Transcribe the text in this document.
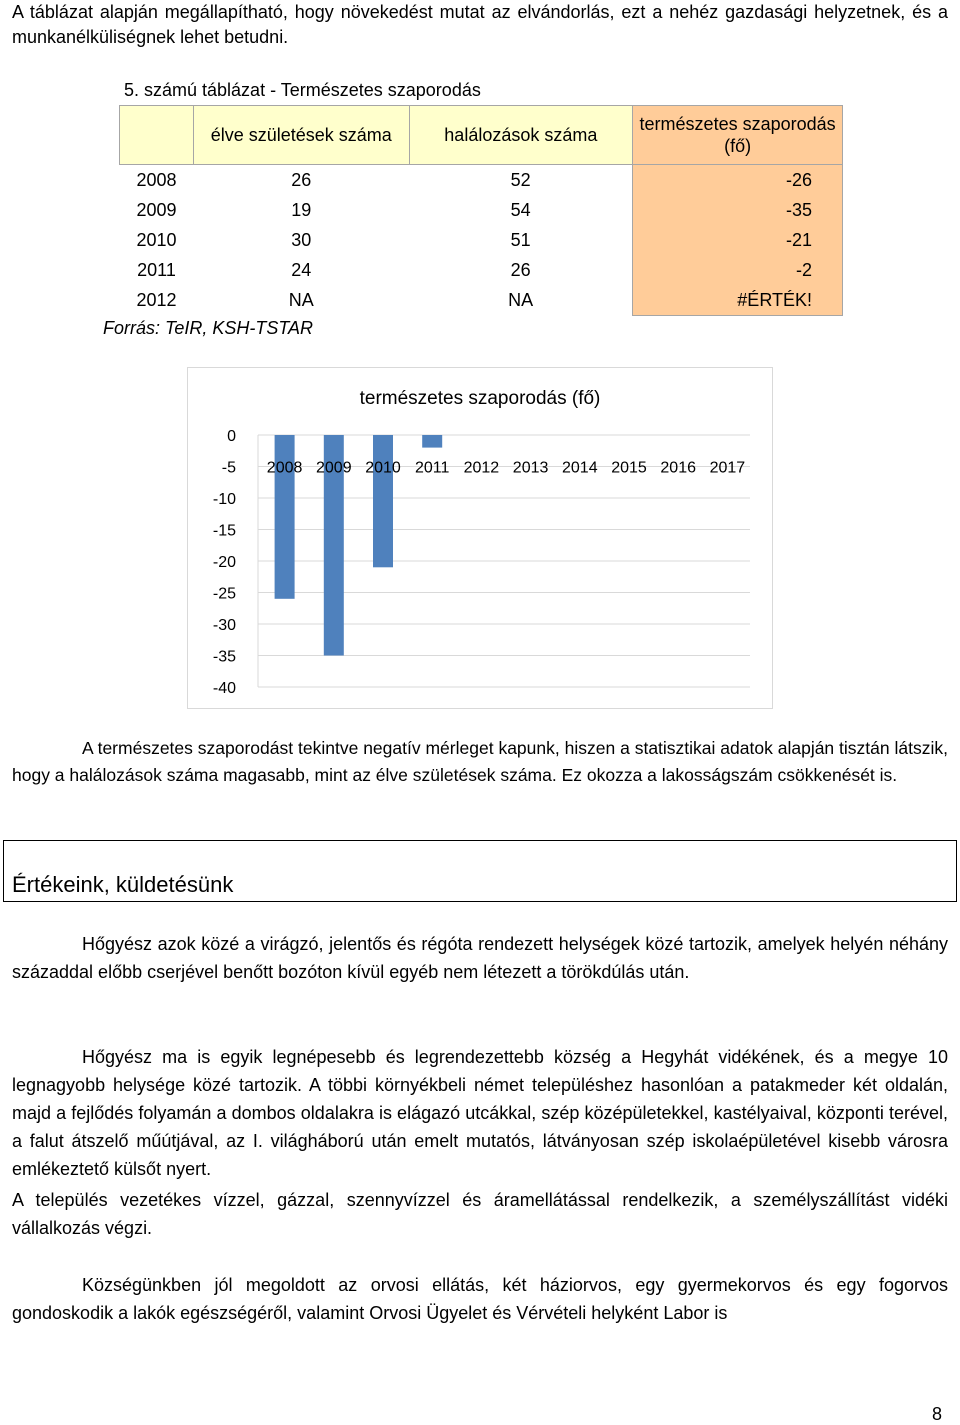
A táblázat alapján megállapítható, hogy növekedést mutat az elvándorlás, ezt a nehéz gazdasági helyzetnek, és a munkanélküliségnek lehet betudni.

5. számú táblázat - Természetes szaporodás
	élve születések száma	halálozások száma	természetes szaporodás (fő)
2008	26	52	-26
2009	19	54	-35
2010	30	51	-21
2011	24	26	-2
2012	NA	NA	#ÉRTÉK!
Forrás: TeIR, KSH-TSTAR
természetes szaporodás (fő)
0
-5
-10
-15
-20
-25
-30
-35
-40
2008 2009 2010 2011 2012 2013 2014 2015 2016 2017

A természetes szaporodást tekintve negatív mérleget kapunk, hiszen a statisztikai adatok alapján tisztán látszik, hogy a halálozások száma magasabb, mint az élve születések száma. Ez okozza a lakosságszám csökkenését is.

Értékeink, küldetésünk

Hőgyész azok közé a virágzó, jelentős és régóta rendezett helységek közé tartozik, amelyek helyén néhány századdal előbb cserjével benőtt bozóton kívül egyéb nem létezett a törökdúlás után.

Hőgyész ma is egyik legnépesebb és legrendezettebb község a Hegyhát vidékének, és a megye 10 legnagyobb helysége közé tartozik. A többi környékbeli német településhez hasonlóan a patakmeder két oldalán, majd a fejlődés folyamán a dombos oldalakra is elágazó utcákkal, szép középületekkel, kastélyaival, központi terével, a falut átszelő műútjával, az I. világháború után emelt mutatós, látványosan szép iskolaépületével kisebb városra emlékeztető külsőt nyert.

A település vezetékes vízzel, gázzal, szennyvízzel és áramellátással rendelkezik, a személyszállítást vidéki vállalkozás végzi.

Községünkben jól megoldott az orvosi ellátás, két háziorvos, egy gyermekorvos és egy fogorvos gondoskodik a lakók egészségéről, valamint Orvosi Ügyelet és Vérvételi helyként Labor is

8
